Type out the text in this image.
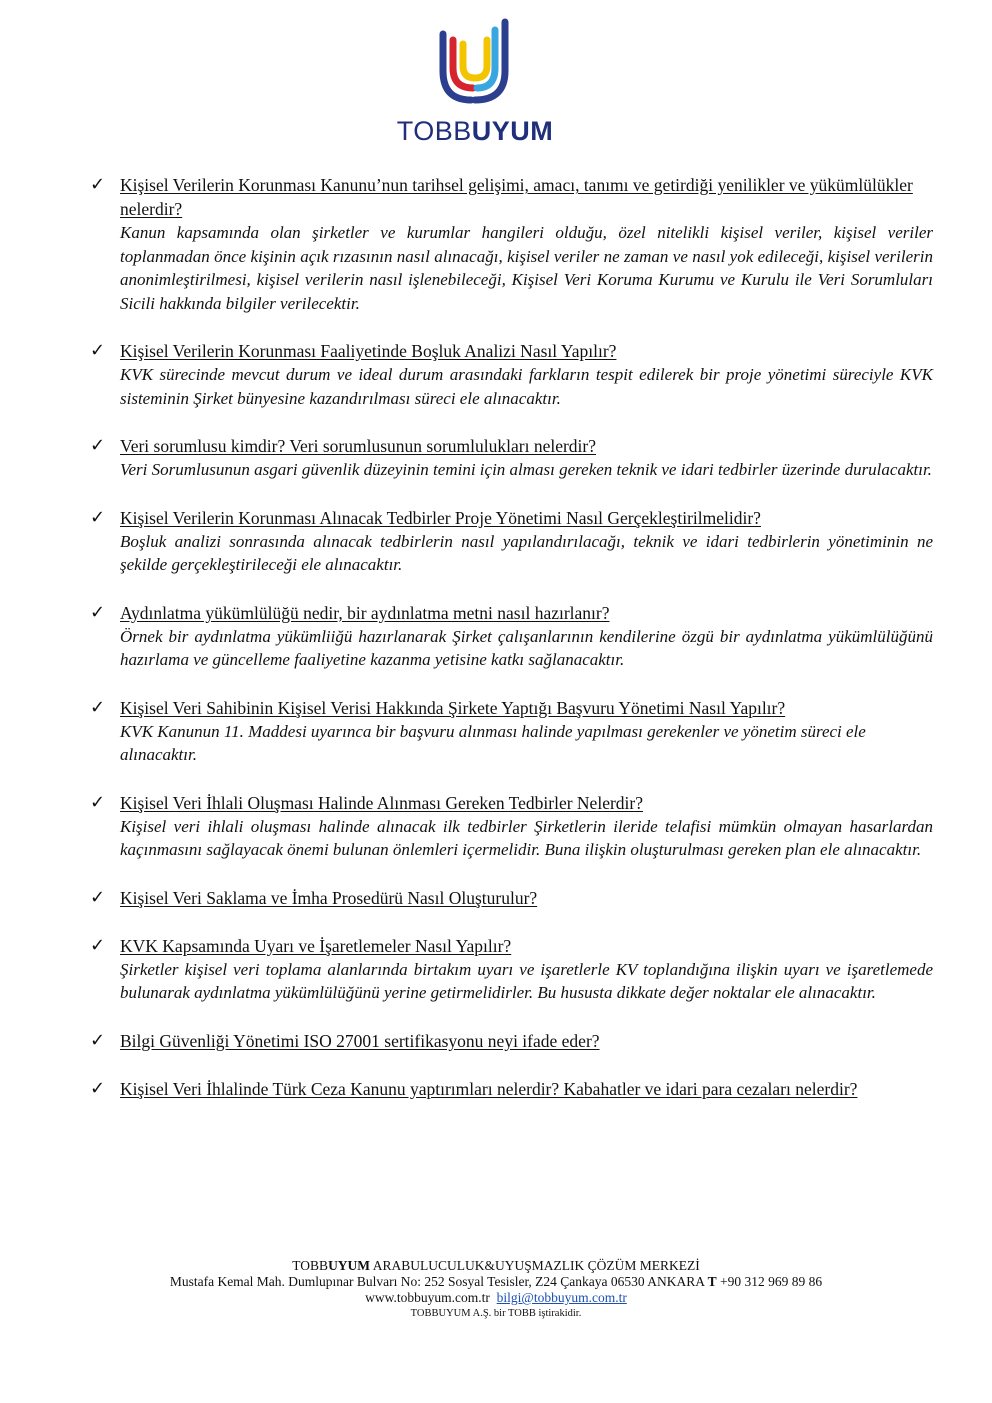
TOBBUYUM
✓ Kişisel Verilerin Korunması Kanunu’nun tarihsel gelişimi, amacı, tanımı ve getirdiği yenilikler ve yükümlülükler nelerdir?

Kanun kapsamında olan şirketler ve kurumlar hangileri olduğu, özel nitelikli kişisel veriler, kişisel veriler toplanmadan önce kişinin açık rızasının nasıl alınacağı, kişisel veriler ne zaman ve nasıl yok edileceği, kişisel verilerin anonimleştirilmesi, kişisel verilerin nasıl işlenebileceği, Kişisel Veri Koruma Kurumu ve Kurulu ile Veri Sorumluları Sicili hakkında bilgiler verilecektir.

✓ Kişisel Verilerin Korunması Faaliyetinde Boşluk Analizi Nasıl Yapılır?

KVK sürecinde mevcut durum ve ideal durum arasındaki farkların tespit edilerek bir proje yönetimi süreciyle KVK sisteminin Şirket bünyesine kazandırılması süreci ele alınacaktır.

✓ Veri sorumlusu kimdir? Veri sorumlusunun sorumlulukları nelerdir?

Veri Sorumlusunun asgari güvenlik düzeyinin temini için alması gereken teknik ve idari tedbirler üzerinde durulacaktır.

✓ Kişisel Verilerin Korunması Alınacak Tedbirler Proje Yönetimi Nasıl Gerçekleştirilmelidir?

Boşluk analizi sonrasında alınacak tedbirlerin nasıl yapılandırılacağı, teknik ve idari tedbirlerin yönetiminin ne şekilde gerçekleştirileceği ele alınacaktır.

✓ Aydınlatma yükümlülüğü nedir, bir aydınlatma metni nasıl hazırlanır?

Örnek bir aydınlatma yükümliiğü hazırlanarak Şirket çalışanlarının kendilerine özgü bir aydınlatma yükümlülüğünü hazırlama ve güncelleme faaliyetine kazanma yetisine katkı sağlanacaktır.

✓ Kişisel Veri Sahibinin Kişisel Verisi Hakkında Şirkete Yaptığı Başvuru Yönetimi Nasıl Yapılır?

KVK Kanunun 11. Maddesi uyarınca bir başvuru alınması halinde yapılması gerekenler ve yönetim süreci ele alınacaktır.

✓ Kişisel Veri İhlali Oluşması Halinde Alınması Gereken Tedbirler Nelerdir?

Kişisel veri ihlali oluşması halinde alınacak ilk tedbirler Şirketlerin ileride telafisi mümkün olmayan hasarlardan kaçınmasını sağlayacak önemi bulunan önlemleri içermelidir. Buna ilişkin oluşturulması gereken plan ele alınacaktır.

✓ Kişisel Veri Saklama ve İmha Prosedürü Nasıl Oluşturulur?

✓ KVK Kapsamında Uyarı ve İşaretlemeler Nasıl Yapılır?

Şirketler kişisel veri toplama alanlarında birtakım uyarı ve işaretlerle KV toplandığına ilişkin uyarı ve işaretlemede bulunarak aydınlatma yükümlülüğünü yerine getirmelidirler. Bu hususta dikkate değer noktalar ele alınacaktır.

✓ Bilgi Güvenliği Yönetimi ISO 27001 sertifikasyonu neyi ifade eder?

✓ Kişisel Veri İhlalinde Türk Ceza Kanunu yaptırımları nelerdir? Kabahatler ve idari para cezaları nelerdir?

TOBBUYUM ARABULUCULUK&UYUŞMAZLIK ÇÖZÜM MERKEZİ
Mustafa Kemal Mah. Dumlupınar Bulvarı No: 252 Sosyal Tesisler, Z24 Çankaya 06530 ANKARA T +90 312 969 89 86
www.tobbuyum.com.tr bilgi@tobbuyum.com.tr
TOBBUYUM A.Ş. bir TOBB iştirakidir.
